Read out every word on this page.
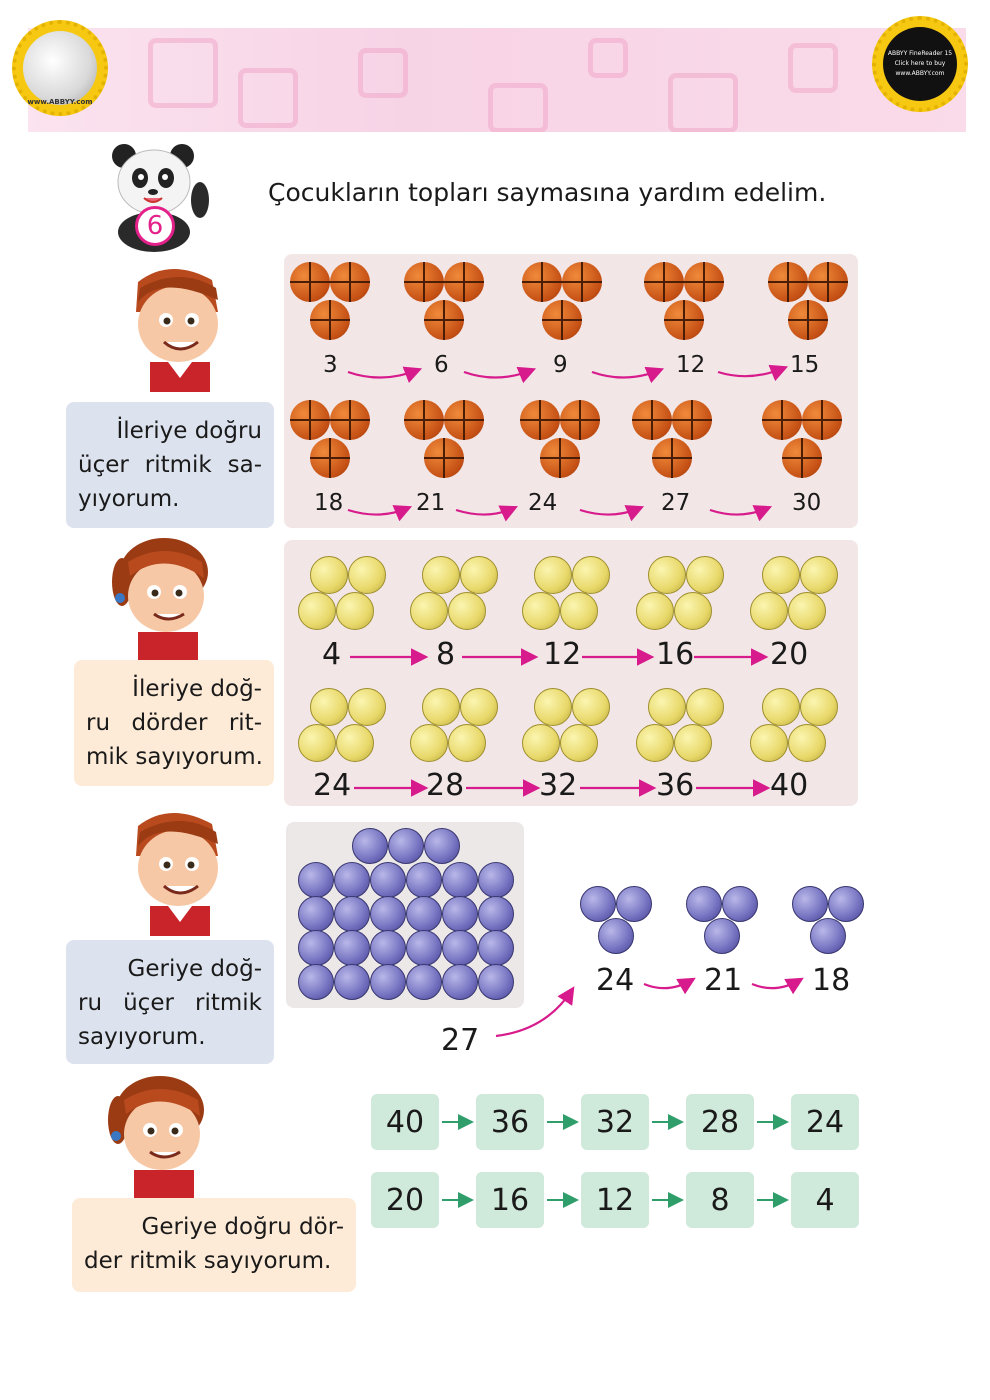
www.ABBYY.com
ABBYY FineReader 15
Click here to buy
www.ABBYY.com
6
Çocukların topları saymasına yardım edelim.
İleriye doğru
üçer ritmik sa-
yıyorum.
İleriye doğ-
ru dörder rit-
mik sayıyorum.
Geriye doğ-
ru üçer ritmik
sayıyorum.
Geriye doğru dör-
der ritmik sayıyorum.
3	6	9	12	15
18	21	24	27	30
4	8	12 16	20
24 28 32	36	40
27
24 21 18
40	36	32	28	24
20	16	12	8	4
